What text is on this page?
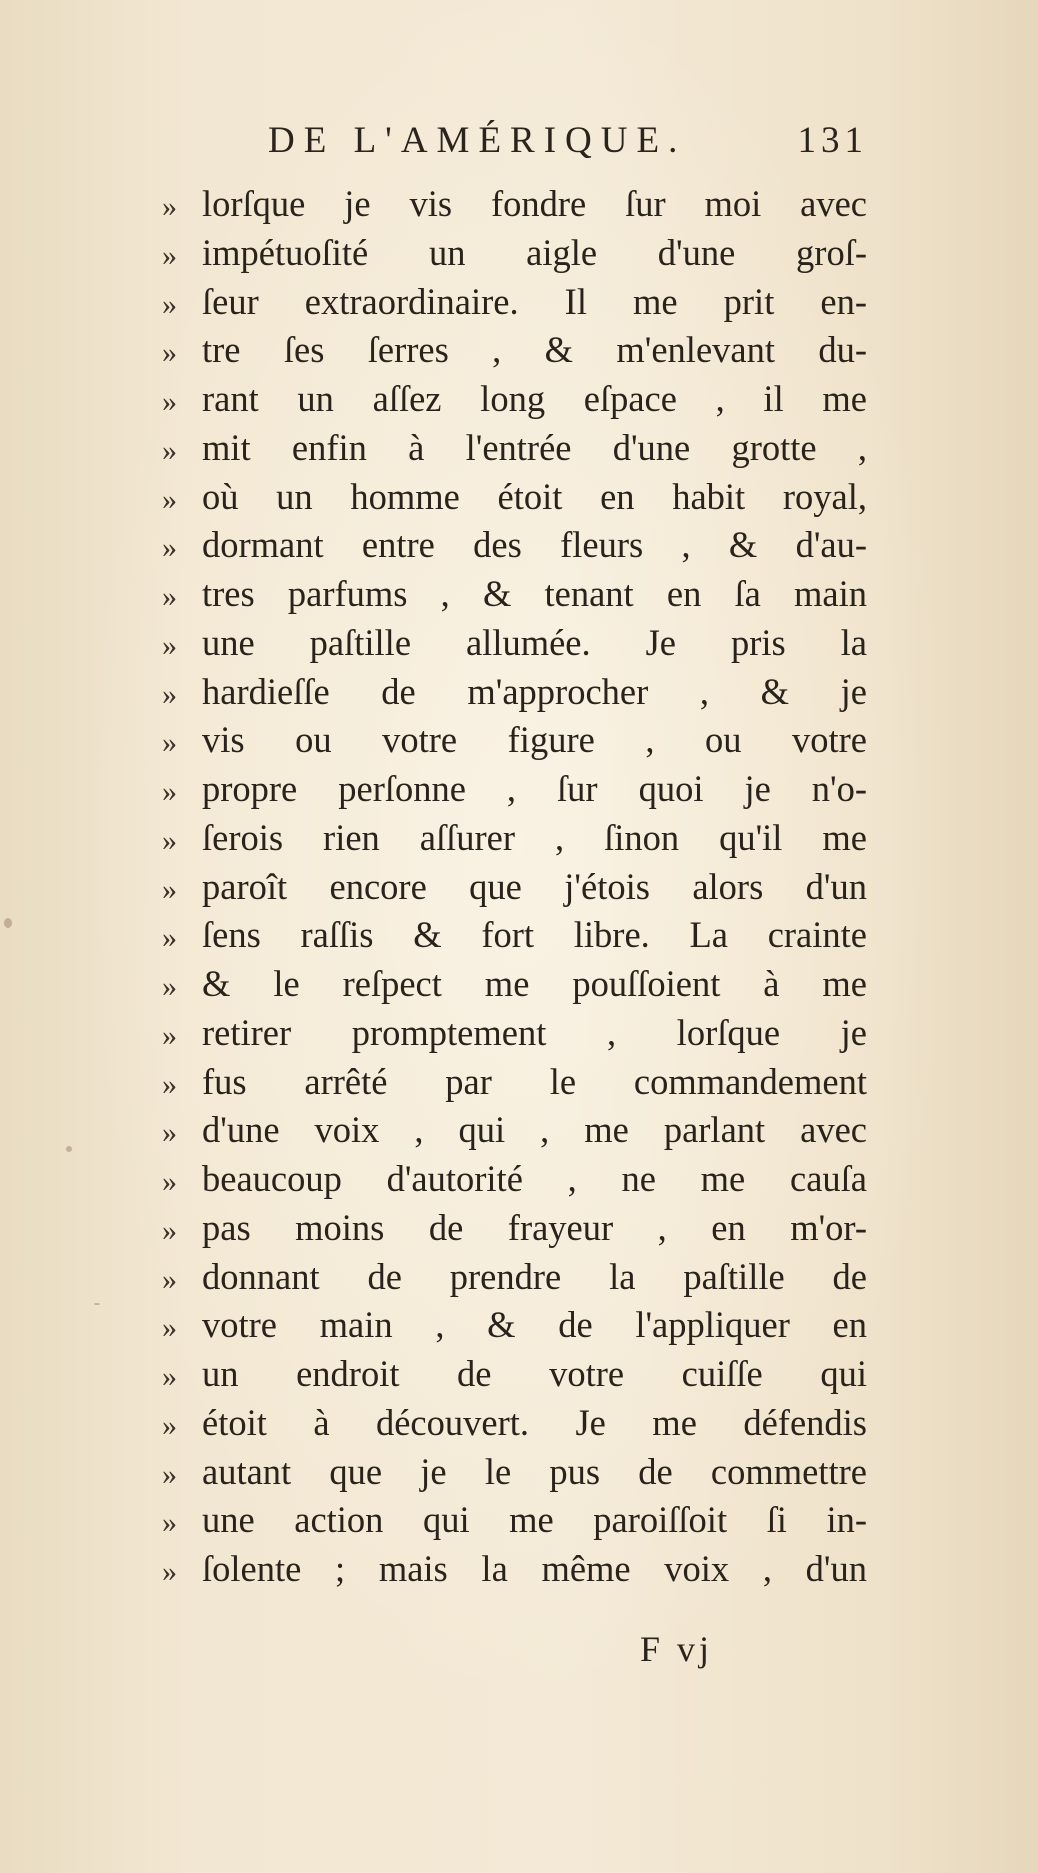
DE L'AMÉRIQUE.	131
» lorſque je vis fondre ſur moi avec
» impétuoſité un aigle d'une groſ-
» ſeur extraordinaire. Il me prit en-
» tre ſes ſerres , & m'enlevant du-
» rant un aſſez long eſpace , il me
» mit enfin à l'entrée d'une grotte ,
» où un homme étoit en habit royal,
» dormant entre des fleurs , & d'au-
» tres parfums , & tenant en ſa main
» une paſtille allumée. Je pris la
» hardieſſe de m'approcher , & je
» vis ou votre figure , ou votre
» propre perſonne , ſur quoi je n'o-
» ſerois rien aſſurer , ſinon qu'il me
» paroît encore que j'étois alors d'un
» ſens raſſis & fort libre. La crainte
» & le reſpect me pouſſoient à me
» retirer promptement , lorſque je
» fus arrêté par le commandement
» d'une voix , qui , me parlant avec
» beaucoup d'autorité , ne me cauſa
» pas moins de frayeur , en m'or-
» donnant de prendre la paſtille de
» votre main , & de l'appliquer en
» un endroit de votre cuiſſe qui
» étoit à découvert. Je me défendis
» autant que je le pus de commettre
» une action qui me paroiſſoit ſi in-
» ſolente ; mais la même voix , d'un
F vj
